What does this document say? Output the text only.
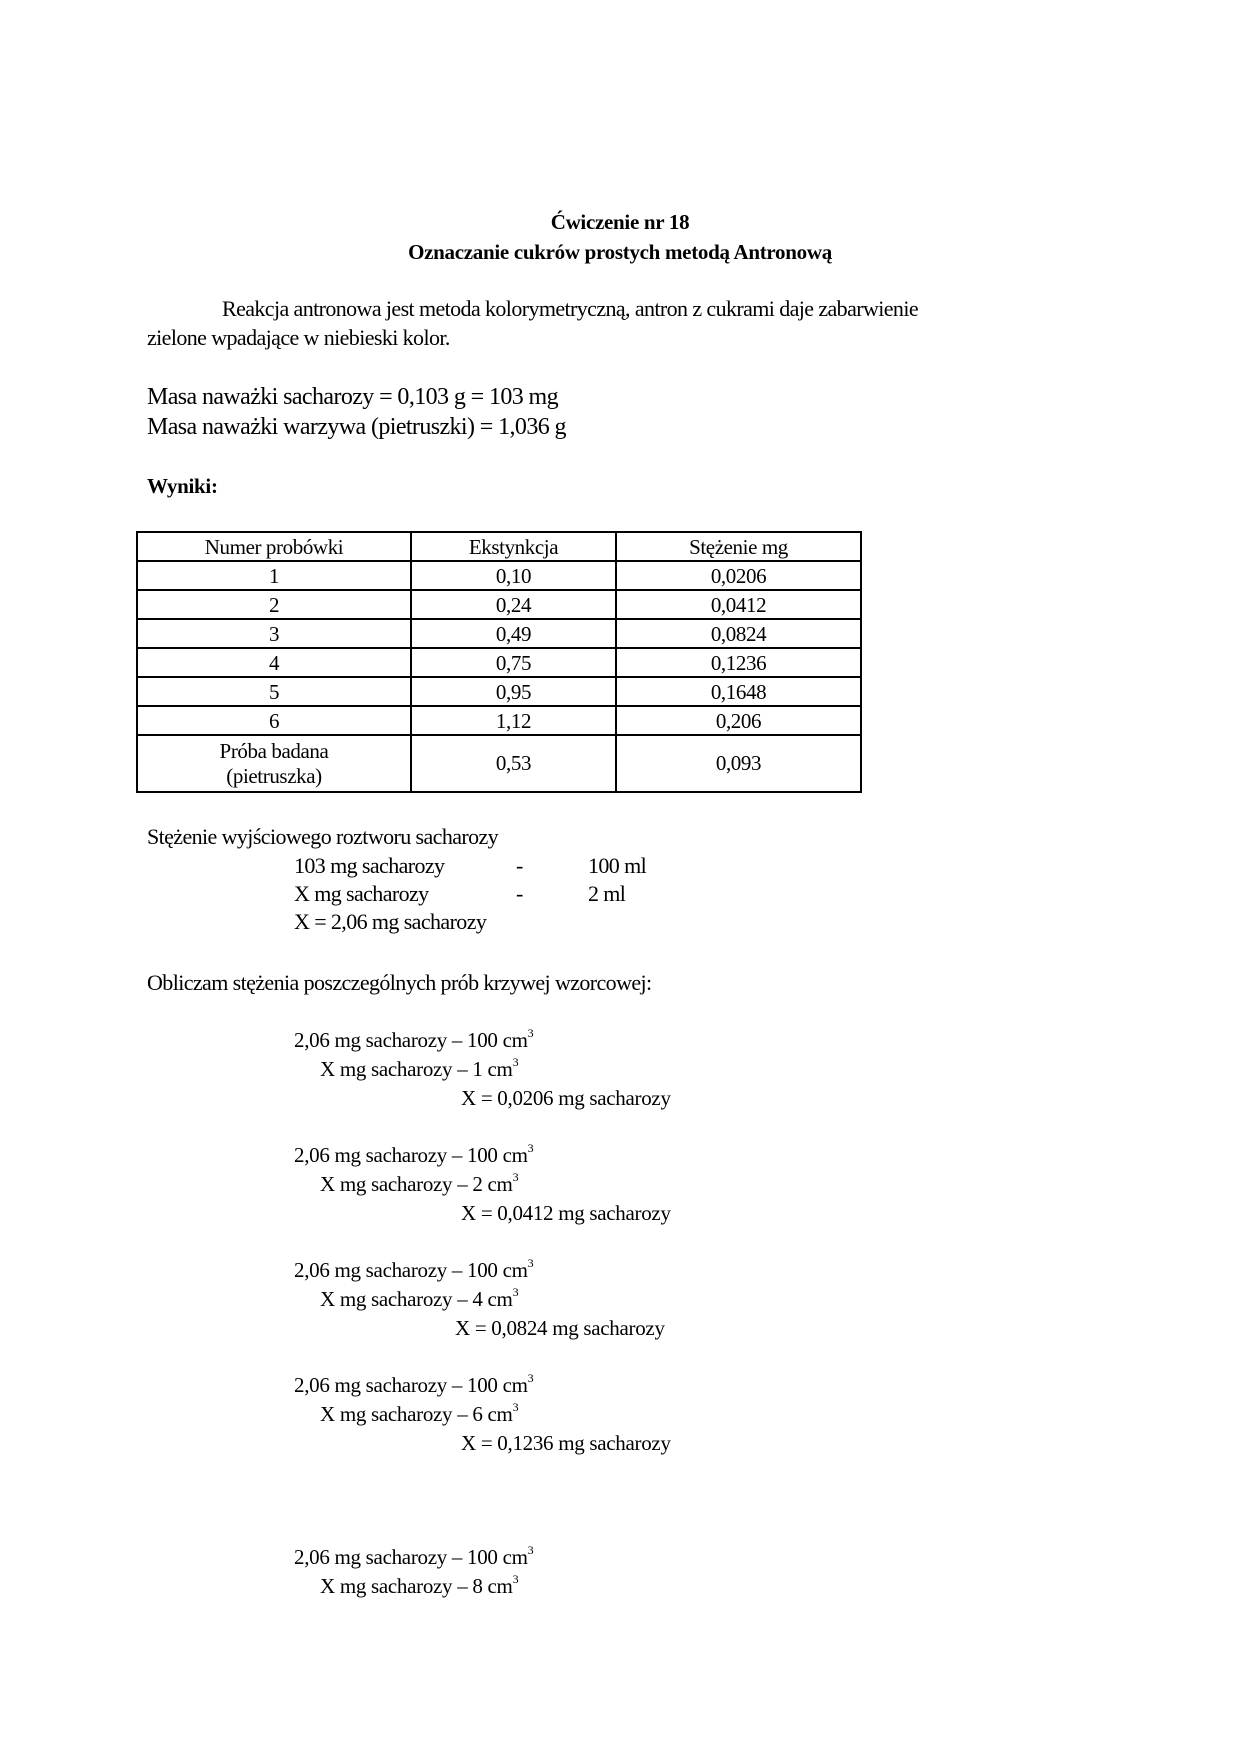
Ćwiczenie nr 18
Oznaczanie cukrów prostych metodą Antronową
Reakcja antronowa jest metoda kolorymetryczną, antron z cukrami daje zabarwienie
zielone wpadające w niebieski kolor.
Masa naważki sacharozy = 0,103 g = 103 mg
Masa naważki warzywa (pietruszki) = 1,036 g
Wyniki:
Numer probówki	Ekstynkcja	Stężenie mg
1	0,10	0,0206
2	0,24	0,0412
3	0,49	0,0824
4	0,75	0,1236
5	0,95	0,1648
6	1,12	0,206
Próba badana
(pietruszka)	0,53	0,093
Stężenie wyjściowego roztworu sacharozy
103 mg sacharozy	-	100 ml
X mg sacharozy	-	2 ml
X = 2,06 mg sacharozy
Obliczam stężenia poszczególnych prób krzywej wzorcowej:
2,06 mg sacharozy – 100 $cm^3$
X mg sacharozy – 1 $cm^3$
X = 0,0206 mg sacharozy
2,06 mg sacharozy – 100 $cm^3$
X mg sacharozy – 2 $cm^3$
X = 0,0412 mg sacharozy
2,06 mg sacharozy – 100 $cm^3$
X mg sacharozy – 4 $cm^3$
X = 0,0824 mg sacharozy
2,06 mg sacharozy – 100 $cm^3$
X mg sacharozy – 6 $cm^3$
X = 0,1236 mg sacharozy
2,06 mg sacharozy – 100 $cm^3$
X mg sacharozy – 8 $cm^3$
